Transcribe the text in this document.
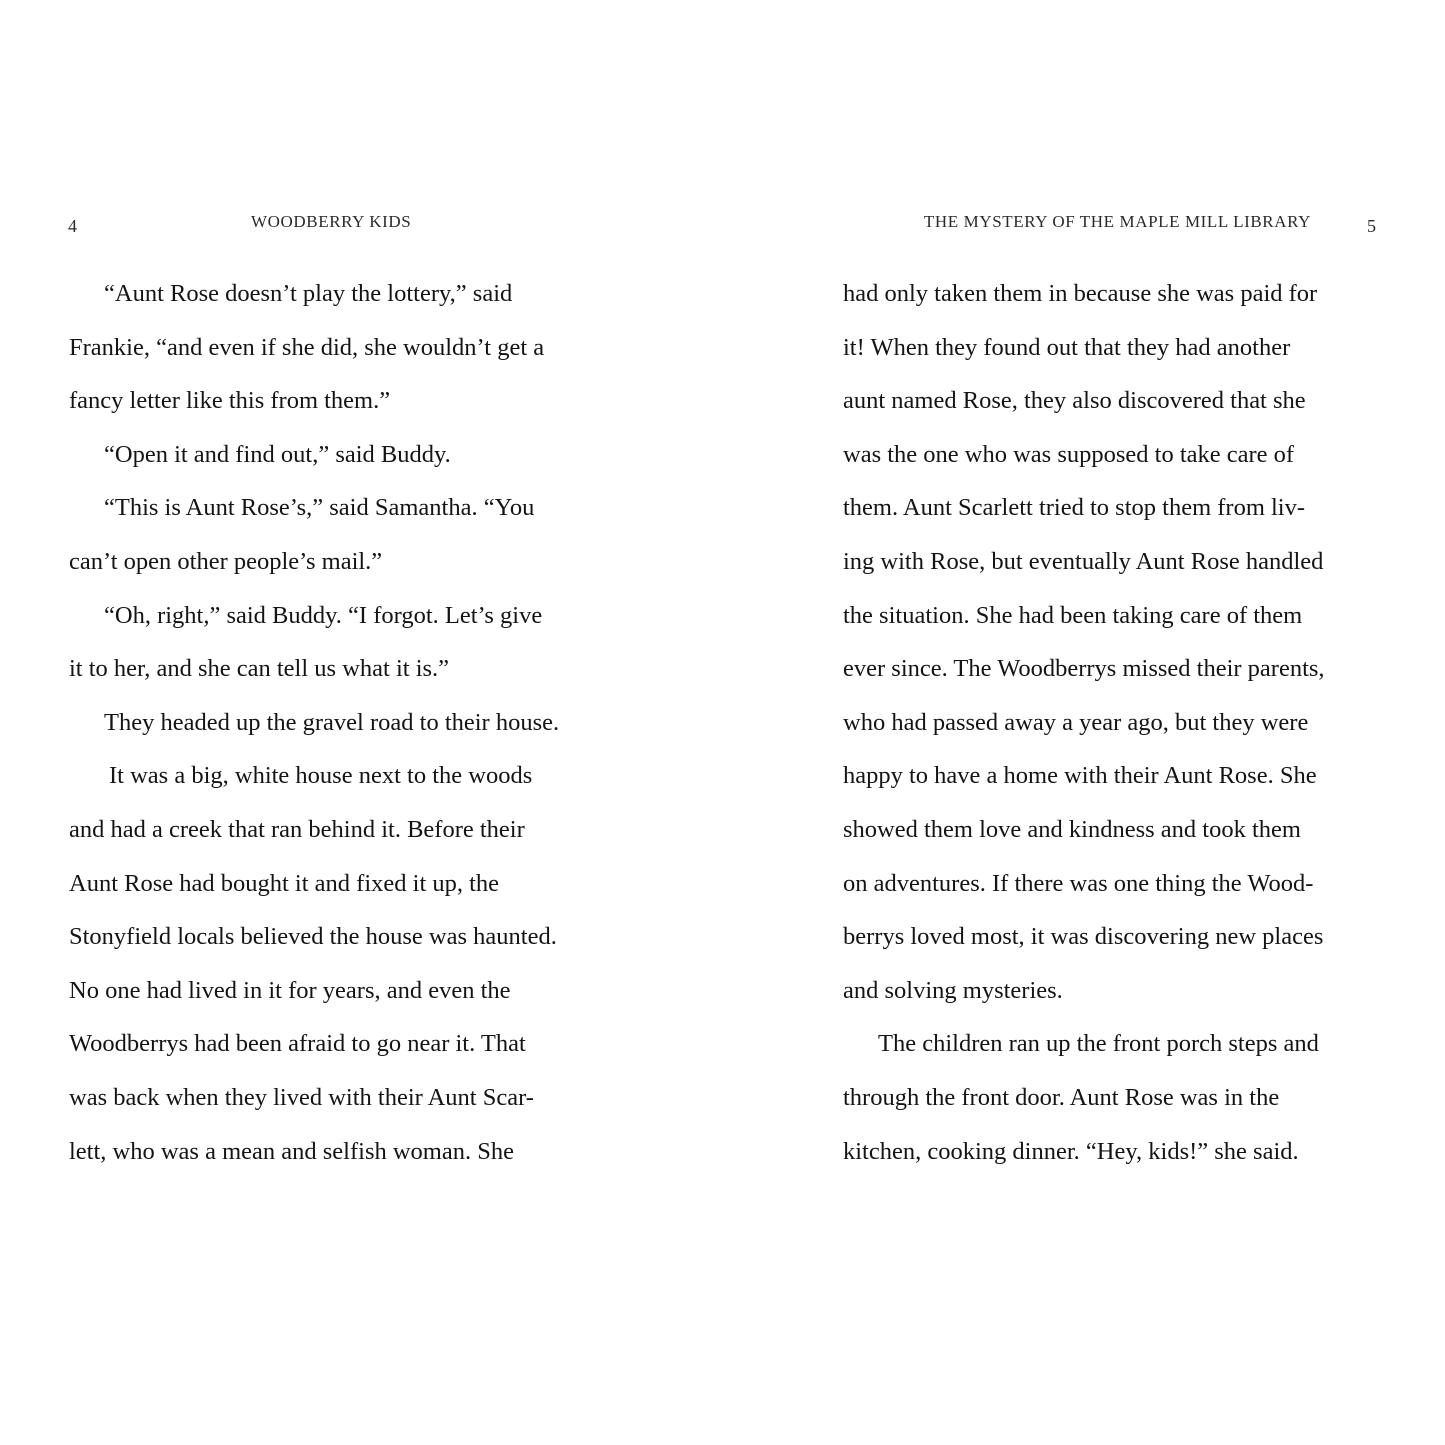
4	WOODBERRY KIDS
“Aunt Rose doesn’t play the lottery,” said
Frankie, “and even if she did, she wouldn’t get a
fancy letter like this from them.”
“Open it and find out,” said Buddy.
“This is Aunt Rose’s,” said Samantha. “You
can’t open other people’s mail.”
“Oh, right,” said Buddy. “I forgot. Let’s give
it to her, and she can tell us what it is.”
They headed up the gravel road to their house.
It was a big, white house next to the woods
and had a creek that ran behind it. Before their
Aunt Rose had bought it and fixed it up, the
Stonyfield locals believed the house was haunted.
No one had lived in it for years, and even the
Woodberrys had been afraid to go near it. That
was back when they lived with their Aunt Scar-
lett, who was a mean and selfish woman. She
THE MYSTERY OF THE MAPLE MILL LIBRARY	5
had only taken them in because she was paid for
it! When they found out that they had another
aunt named Rose, they also discovered that she
was the one who was supposed to take care of
them. Aunt Scarlett tried to stop them from liv-
ing with Rose, but eventually Aunt Rose handled
the situation. She had been taking care of them
ever since. The Woodberrys missed their parents,
who had passed away a year ago, but they were
happy to have a home with their Aunt Rose. She
showed them love and kindness and took them
on adventures. If there was one thing the Wood-
berrys loved most, it was discovering new places
and solving mysteries.
The children ran up the front porch steps and
through the front door. Aunt Rose was in the
kitchen, cooking dinner. “Hey, kids!” she said.
